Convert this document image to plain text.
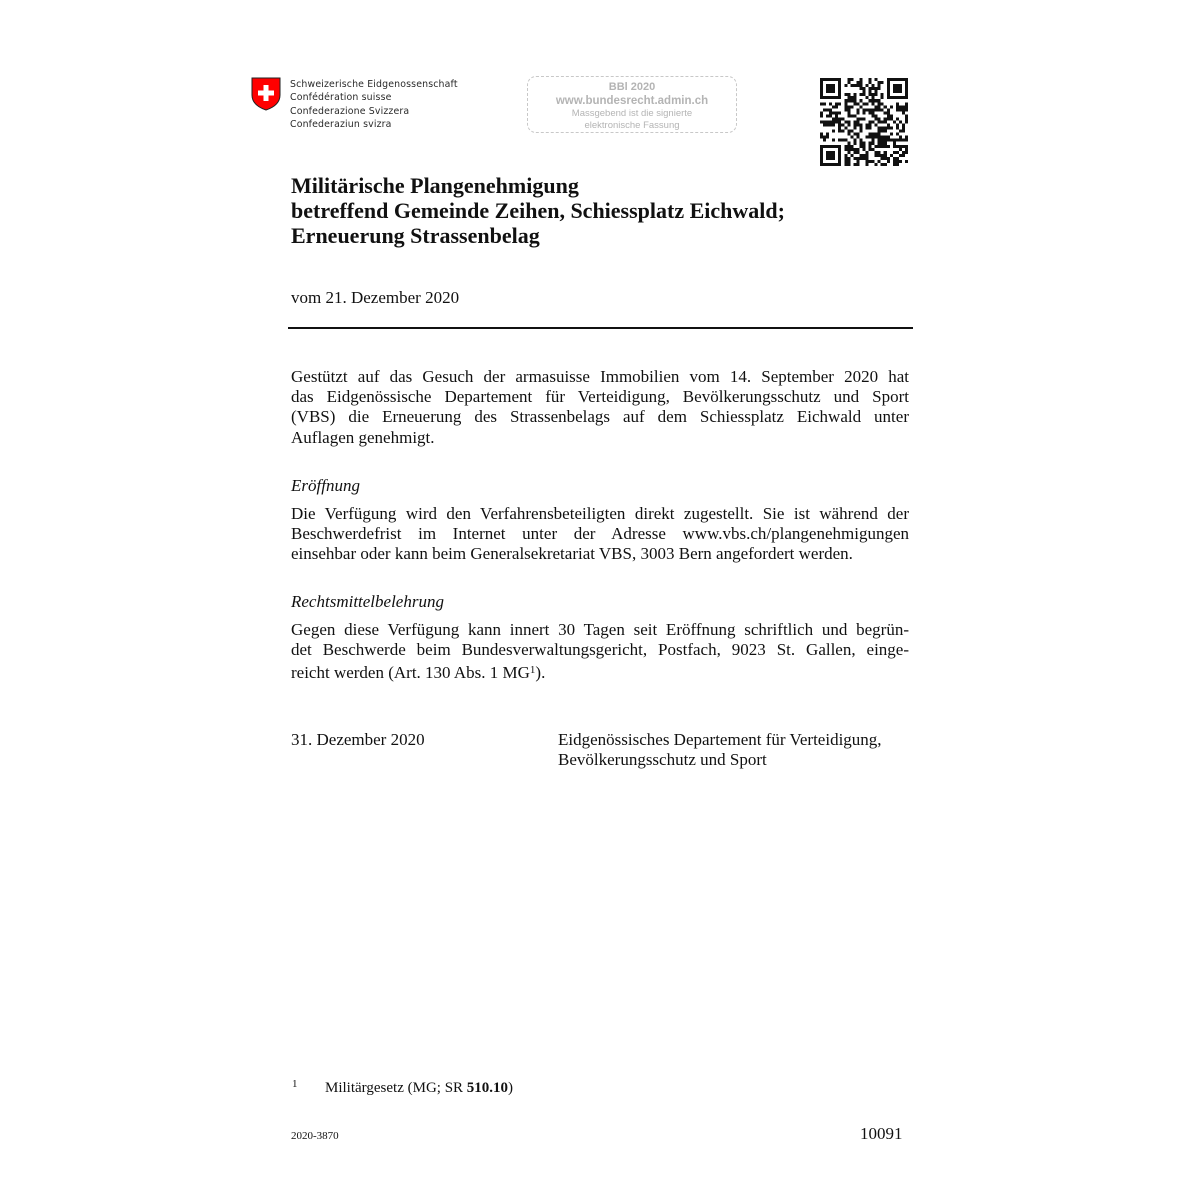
Schweizerische Eidgenossenschaft
Confédération suisse
Confederazione Svizzera
Confederaziun svizra
BBl 2020
www.bundesrecht.admin.ch
Massgebend ist die signierte
elektronische Fassung
Militärische Plangenehmigung
betreffend Gemeinde Zeihen, Schiessplatz Eichwald;
Erneuerung Strassenbelag
vom 21. Dezember 2020
Gestützt auf das Gesuch der armasuisse Immobilien vom 14. September 2020 hat
das Eidgenössische Departement für Verteidigung, Bevölkerungsschutz und Sport
(VBS) die Erneuerung des Strassenbelags auf dem Schiessplatz Eichwald unter
Auflagen genehmigt.
Eröffnung
Die Verfügung wird den Verfahrensbeteiligten direkt zugestellt. Sie ist während der
Beschwerdefrist im Internet unter der Adresse www.vbs.ch/plangenehmigungen
einsehbar oder kann beim Generalsekretariat VBS, 3003 Bern angefordert werden.
Rechtsmittelbelehrung
Gegen diese Verfügung kann innert 30 Tagen seit Eröffnung schriftlich und begrün-
det Beschwerde beim Bundesverwaltungsgericht, Postfach, 9023 St. Gallen, einge-
reicht werden (Art. 130 Abs. 1 $MG^1$).
31. Dezember 2020	Eidgenössisches Departement für Verteidigung,
Bevölkerungsschutz und Sport
1 Militärgesetz (MG; SR 510.10)
2020-3870	10091
